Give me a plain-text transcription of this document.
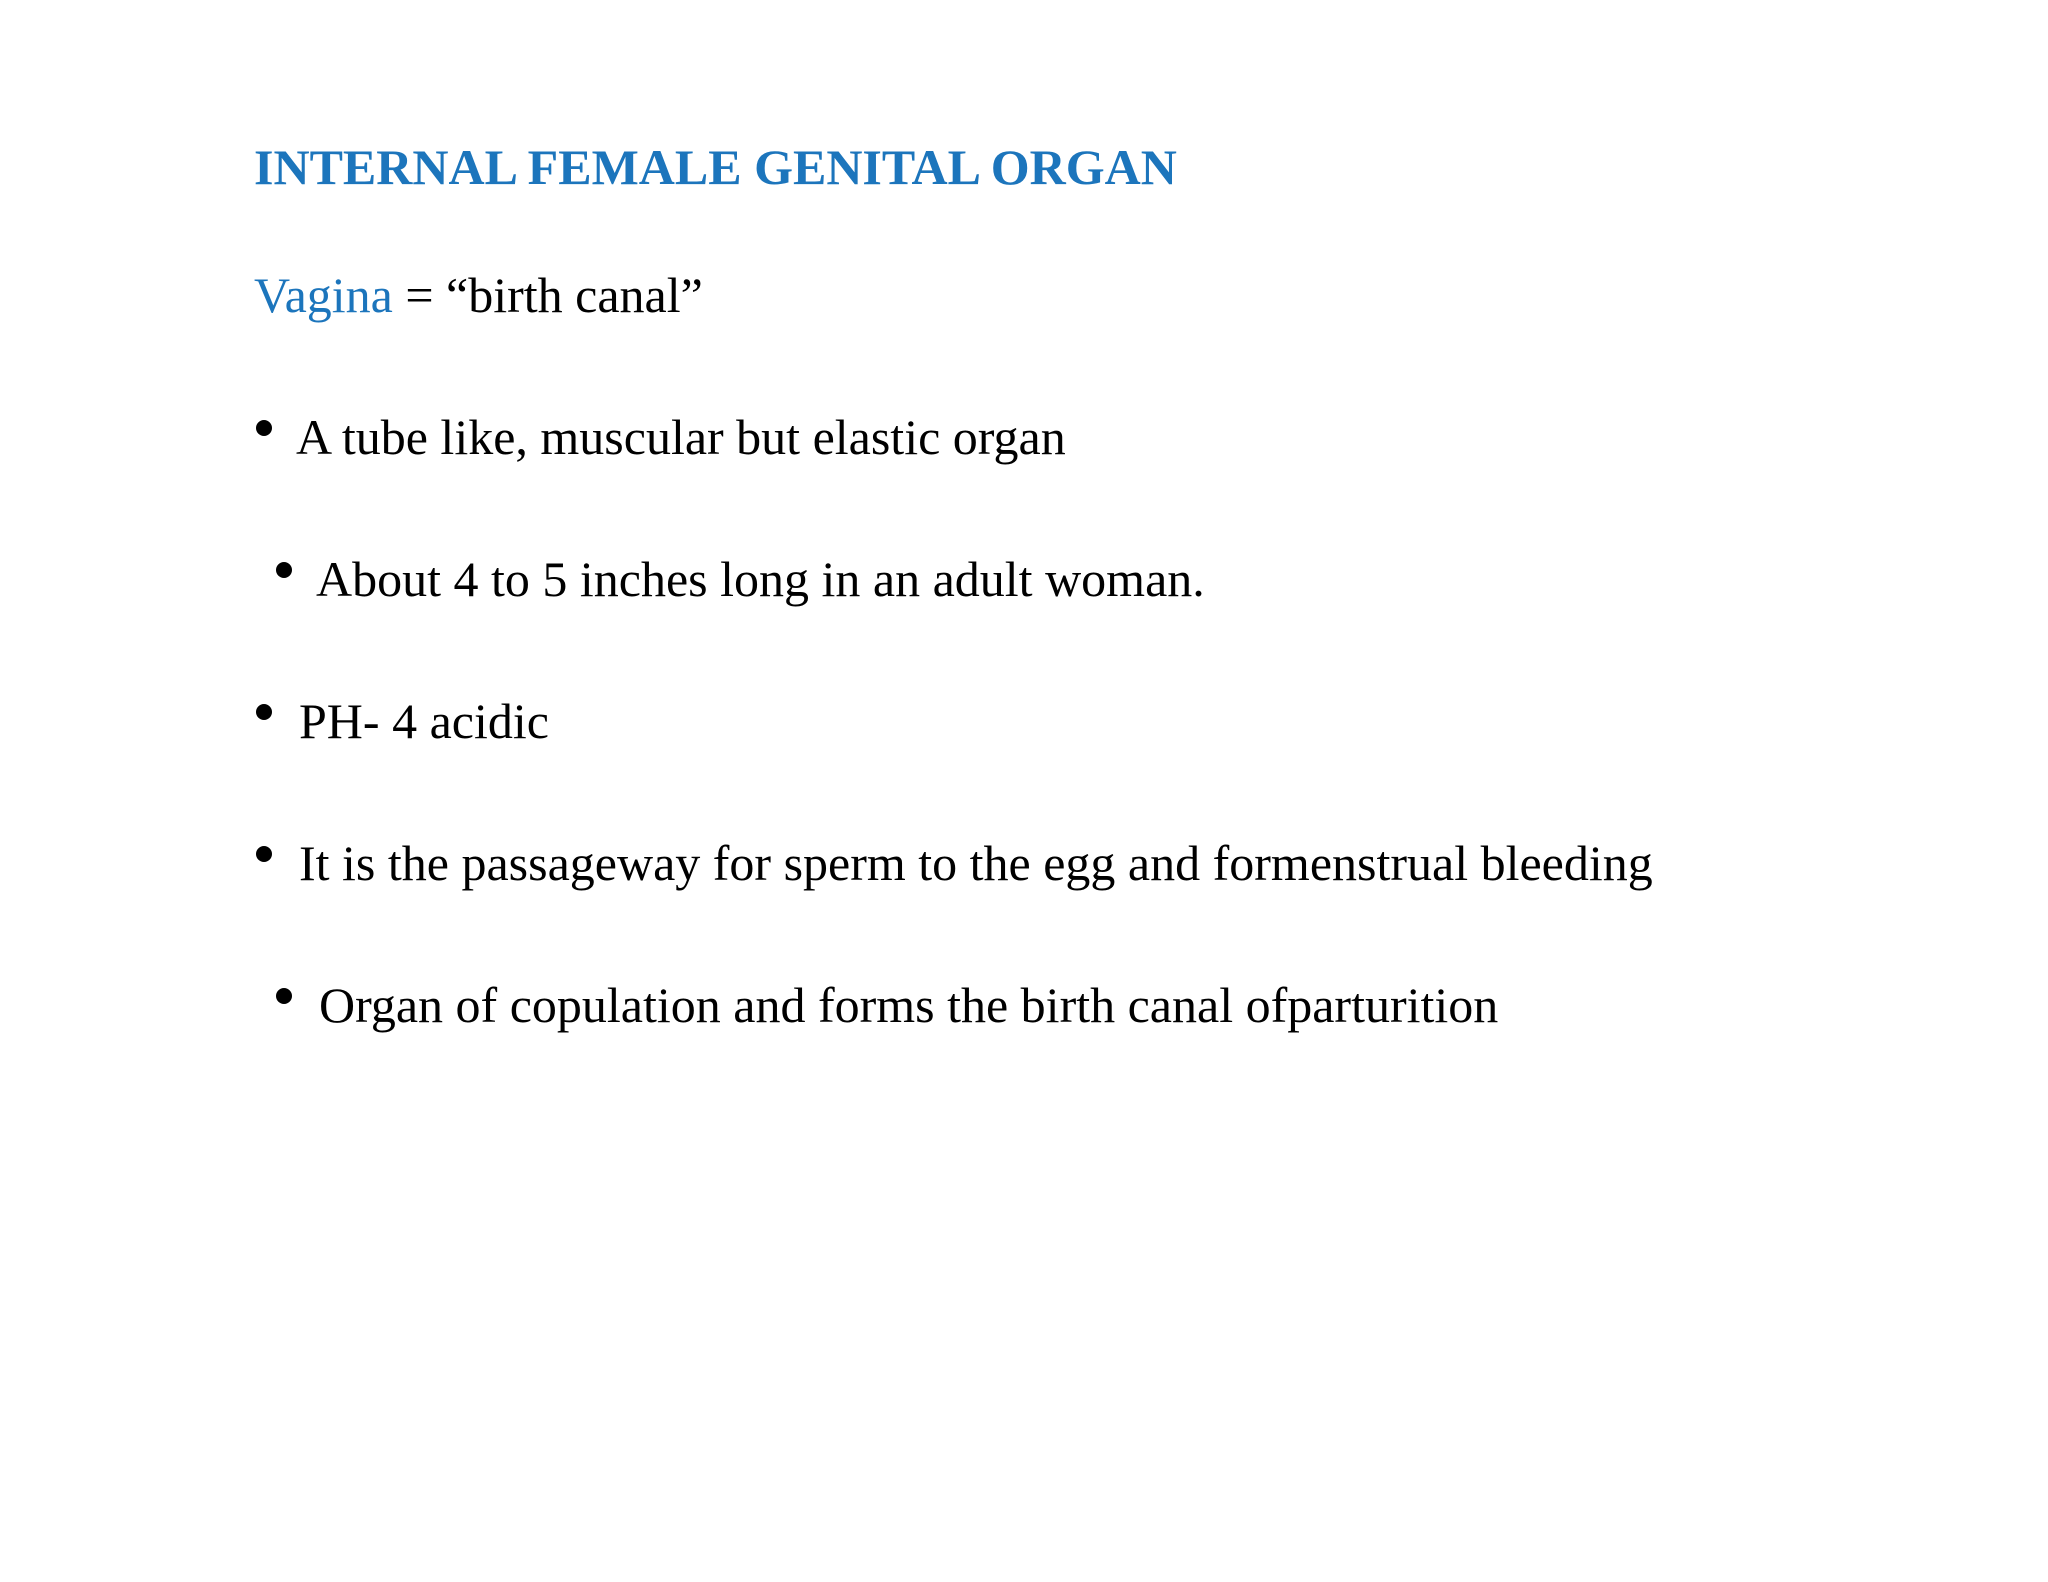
INTERNAL FEMALE GENITAL ORGAN
Vagina = “birth canal”
A tube like, muscular but elastic organ
About 4 to 5 inches long in an adult woman.
PH- 4 acidic
It is the passageway for sperm to the egg and formenstrual bleeding
Organ of copulation and forms the birth canal ofparturition
